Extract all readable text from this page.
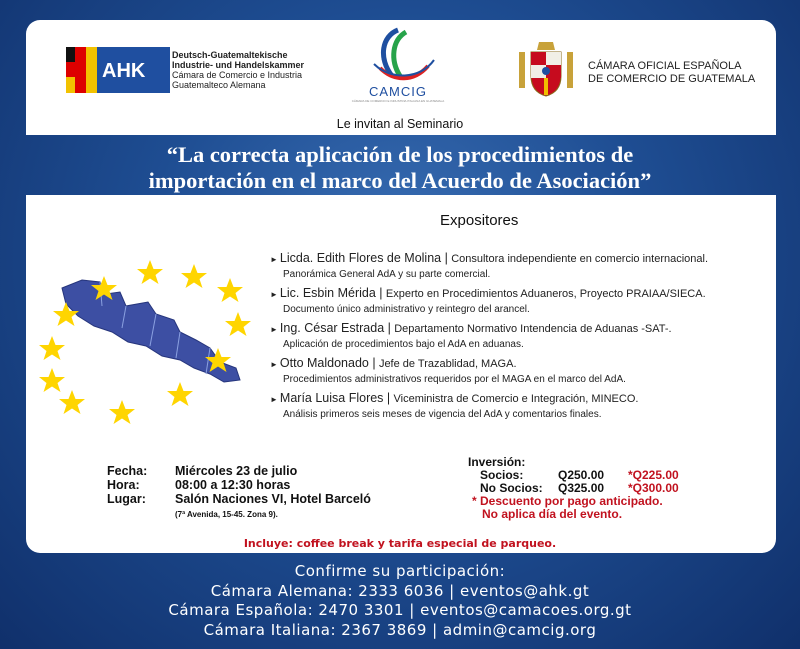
AHK
Deutsch-Guatemaltekische
Industrie- und Handelskammer
Cámara de Comercio e Industria
Guatemalteco Alemana	CAMCIG
CÁMARA DE COMERCIO E INDUSTRIA ITALIANA EN GUATEMALA
CÁMARA OFICIAL ESPAÑOLA
DE COMERCIO DE GUATEMALA
Le invitan al Seminario
“La correcta aplicación de los procedimientos de
importación en el marco del Acuerdo de Asociación”
Expositores
► Licda. Edith Flores de Molina | Consultora independiente en comercio internacional.
Panorámica General AdA y su parte comercial.
► Lic. Esbin Mérida | Experto en Procedimientos Aduaneros, Proyecto PRAIAA/SIECA.
Documento único administrativo y reintegro del arancel.
► Ing. César Estrada | Departamento Normativo Intendencia de Aduanas -SAT-.
Aplicación de procedimientos bajo el AdA en aduanas.
► Otto Maldonado | Jefe de Trazablidad, MAGA.
Procedimientos administrativos requeridos por el MAGA en el marco del AdA.
► María Luisa Flores | Viceministra de Comercio e Integración, MINECO.
Análisis primeros seis meses de vigencia del AdA y comentarios finales.
Fecha:	Miércoles 23 de julio
Hora:	08:00 a 12:30 horas
Lugar:	Salón Naciones VI, Hotel Barceló
(7ª Avenida, 15-45. Zona 9).
Inversión:
Socios:	Q250.00	*Q225.00
No Socios:	Q325.00	*Q300.00
* Descuento por pago anticipado.
No aplica día del evento.
Incluye: coffee break y tarifa especial de parqueo.
Confirme su participación:
Cámara Alemana: 2333 6036 | eventos@ahk.gt
Cámara Española: 2470 3301 | eventos@camacoes.org.gt
Cámara Italiana: 2367 3869 | admin@camcig.org
